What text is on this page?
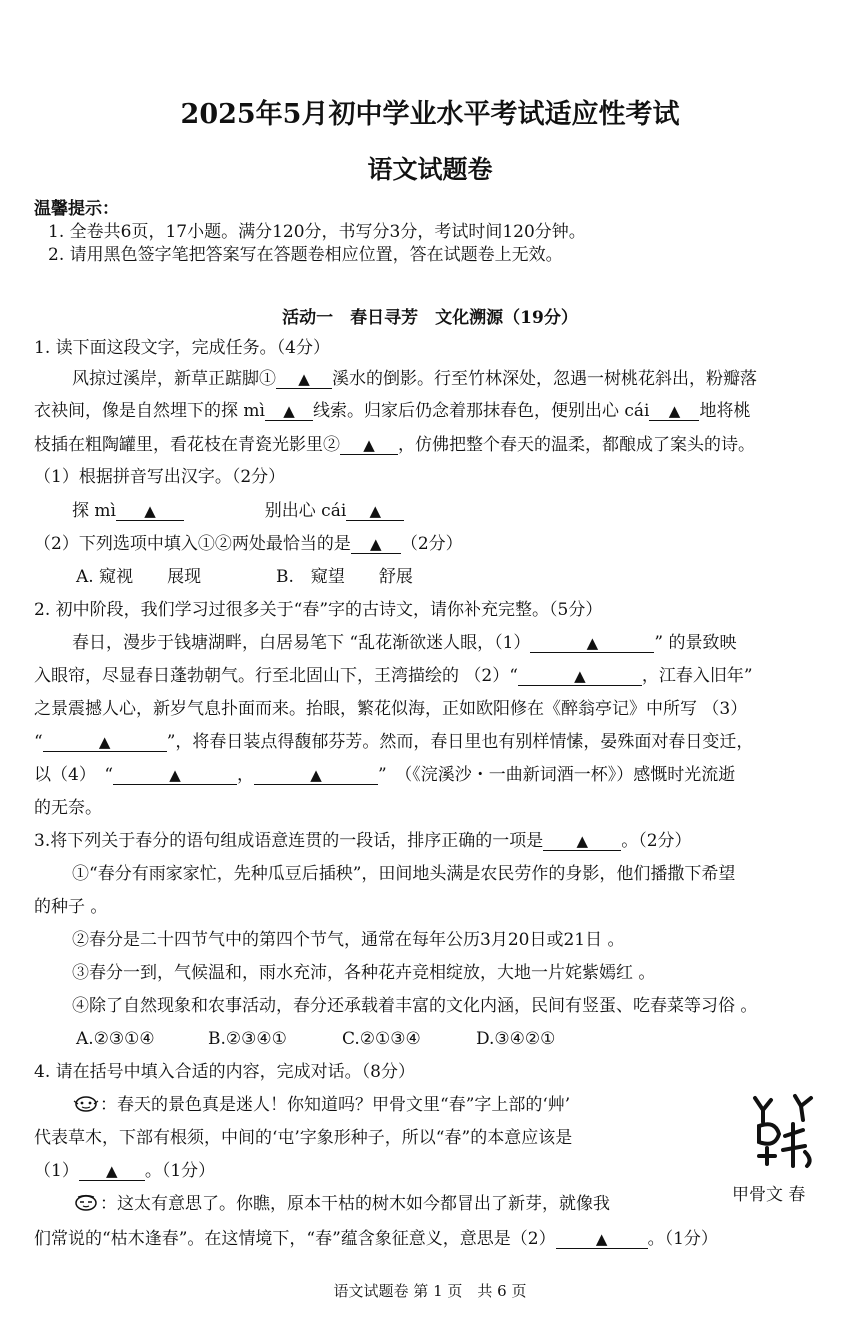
2025年5月初中学业水平考试适应性考试
语文试题卷
温馨提示：
1. 全卷共6页，17小题。满分120分，书写分3分，考试时间120分钟。
2. 请用黑色签字笔把答案写在答题卷相应位置，答在试题卷上无效。
活动一　春日寻芳　文化溯源（19分）
1. 读下面这段文字，完成任务。（4分）
风掠过溪岸，新草正踮脚① ▲ 溪水的倒影。行至竹林深处，忽遇一树桃花斜出，粉瓣落
衣袂间，像是自然埋下的探 mì ▲ 线索。归家后仍念着那抹春色，便别出心 cái ▲ 地将桃
枝插在粗陶罐里，看花枝在青瓷光影里② ▲ ，仿佛把整个春天的温柔，都酿成了案头的诗。
（1）根据拼音写出汉字。（2分）
探 mì ▲	别出心 cái ▲
（2）下列选项中填入①②两处最恰当的是 ▲ （2分）
A. 窥视　　展现	B.　窥望　　舒展
2. 初中阶段，我们学习过很多关于“春”字的古诗文，请你补充完整。（5分）
春日，漫步于钱塘湖畔，白居易笔下 “乱花渐欲迷人眼，（1）	▲	” 的景致映
入眼帘，尽显春日蓬勃朝气。行至北固山下，王湾描绘的 （2）“	▲	，江春入旧年”
之景震撼人心，新岁气息扑面而来。抬眼，繁花似海，正如欧阳修在《醉翁亭记》中所写 （3）
“	▲	”，将春日装点得馥郁芬芳。然而，春日里也有别样情愫，晏殊面对春日变迁，
以（4）　“	▲	，	▲	”　（《浣溪沙・一曲新词酒一杯》）感慨时光流逝
的无奈。
3.将下列关于春分的语句组成语意连贯的一段话，排序正确的一项是 ▲ 。（2分）
①“春分有雨家家忙，先种瓜豆后插秧”，田间地头满是农民劳作的身影，他们播撒下希望
的种子 。
②春分是二十四节气中的第四个节气，通常在每年公历3月20日或21日 。
③春分一到，气候温和，雨水充沛，各种花卉竞相绽放，大地一片姹紫嫣红 。
④除了自然现象和农事活动，春分还承载着丰富的文化内涵，民间有竖蛋、吃春菜等习俗 。
A.②③①④	B.②③④①	C.②①③④	D.③④②①
4. 请在括号中填入合适的内容，完成对话。（8分）
：春天的景色真是迷人！你知道吗？甲骨文里“春”字上部的‘艸’
代表草木，下部有根须，中间的‘屯’字象形种子，所以“春”的本意应该是
（1） ▲ 。（1分）
：这太有意思了。你瞧，原本干枯的树木如今都冒出了新芽，就像我
们常说的“枯木逢春”。在这情境下，“春”蕴含象征意义，意思是（2）	▲ 。（1分）
甲骨文 春
语文试题卷 第 1 页　共 6 页
